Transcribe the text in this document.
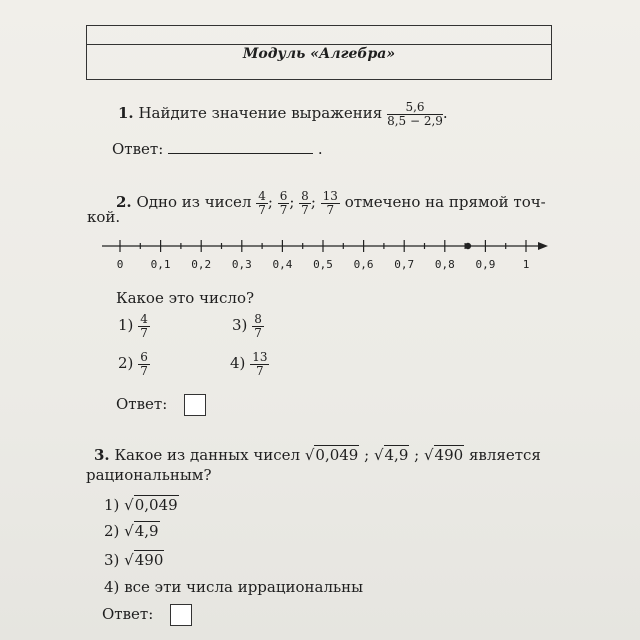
Модуль «Алгебра»
1. Найдите значение выражения $\frac{5,6}{8,5 - 2,9}$ .
Ответ:	.
2. Одно из чисел $\frac{4}{7}$ ; $\frac{6}{7}$ ; $\frac{8}{7}$ ; $\frac{13}{7}$ отмечено на прямой точ-
кой.
0 0,1 0,2 0,3 0,4 0,5 0,6 0,7 0,8 0,9 1
Какое это число?
$1) \frac{4}{7}$	$3) \frac{8}{7}$
$2) \frac{6}{7}$	$4) \frac{13}{7}$
Ответ:
3. Какое из данных чисел √0,049 ; √4,9 ; √490 является
рациональным?
1) √0,049
2) √4,9
3) √490
4) все эти числа иррациональны
Ответ:
